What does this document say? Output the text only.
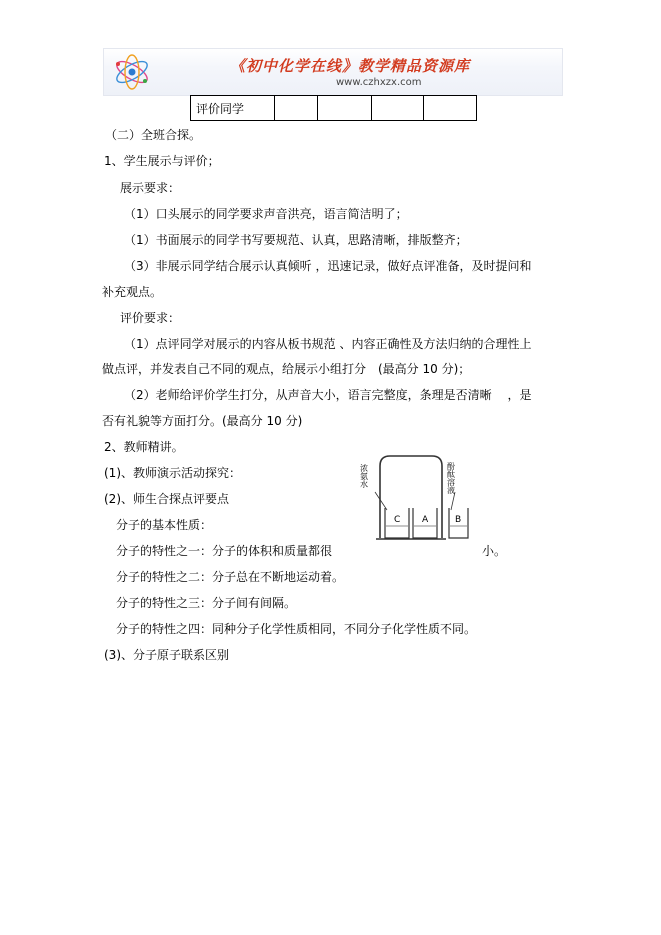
《初中化学在线》教学精品资源库
www.czhxzx.com
评价同学				
（二）全班合探。
1、学生展示与评价；
展示要求：
（1）口头展示的同学要求声音洪亮，语言简洁明了；
（1）书面展示的同学书写要规范、认真，思路清晰，排版整齐；
（3）非展示同学结合展示认真倾听 ，迅速记录，做好点评准备，及时提问和
补充观点。
评价要求：
（1）点评同学对展示的内容从板书规范 、内容正确性及方法归纳的合理性上
做点评，并发表自己不同的观点，给展示小组打分　(最高分 10 分)；
（2）老师给评价学生打分，从声音大小，语言完整度，条理是否清晰　 ，是
否有礼貌等方面打分。(最高分 10 分)
2、教师精讲。
(1)、教师演示活动探究：
(2)、师生合探点评要点
分子的基本性质：
分子的特性之一：分子的体积和质量都很	小。
分子的特性之二：分子总在不断地运动着。
分子的特性之三：分子间有间隔。
分子的特性之四：同种分子化学性质相同，不同分子化学性质不同。
(3)、分子原子联系区别
浓氨水	酚酞溶液
C A	B
